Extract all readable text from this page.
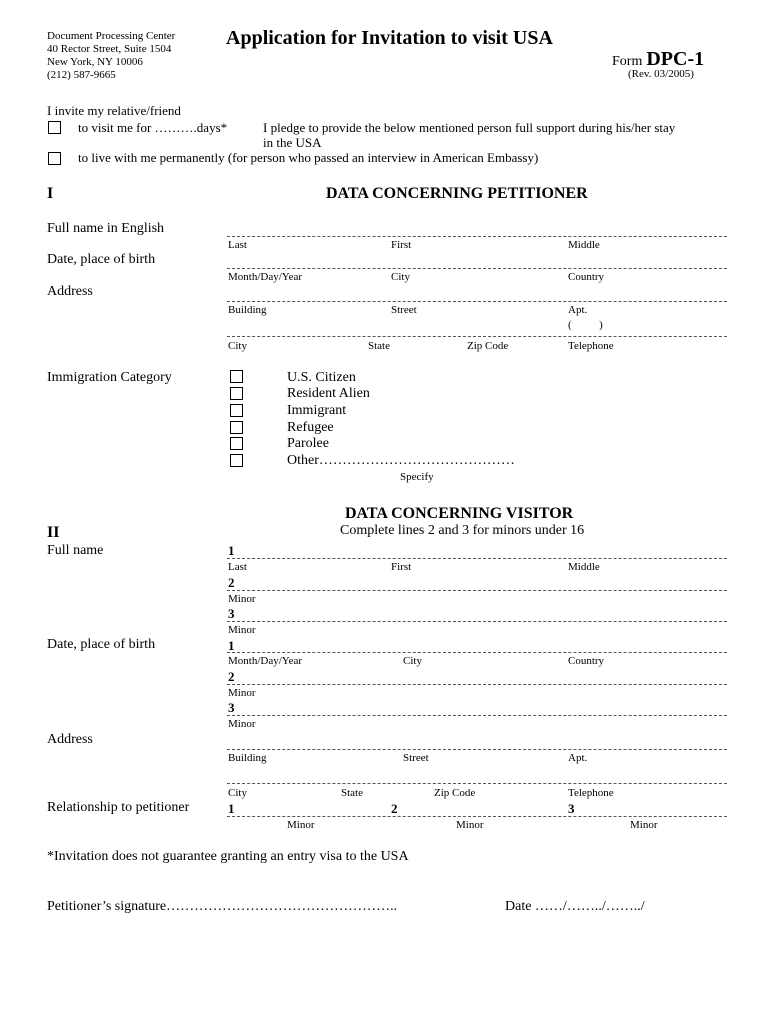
Document Processing Center
40 Rector Street, Suite 1504
New York, NY 10006
(212) 587-9665
Application for Invitation to visit USA
Form DPC-1
(Rev. 03/2005)
I invite my relative/friend
to visit me for ……….days*	I pledge to provide the below mentioned person full support during his/her stay
in the USA
to live with me permanently (for person who passed an interview in American Embassy)
I	DATA CONCERNING PETITIONER
Full name in English
Last	First	Middle
Date, place of birth
Month/Day/Year	City	Country
Address
Building	Street	Apt.
(          )
City	State	Zip Code	Telephone
Immigration Category	U.S. Citizen
Resident Alien
Immigrant
Refugee
Parolee
Other……………………………………
Specify
DATA CONCERNING VISITOR
Complete lines 2 and 3 for minors under 16
II
Full name	1
Last	First	Middle
2
Minor
3
Minor
Date, place of birth	1
Month/Day/Year	City	Country
2
Minor
3
Minor
Address
Building	Street	Apt.
City	State	Zip Code	Telephone
Relationship to petitioner	1	2	3
Minor	Minor	Minor
*Invitation does not guarantee granting an entry visa to the USA
Petitioner’s signature…………………………………………..	Date ……/……../……../
